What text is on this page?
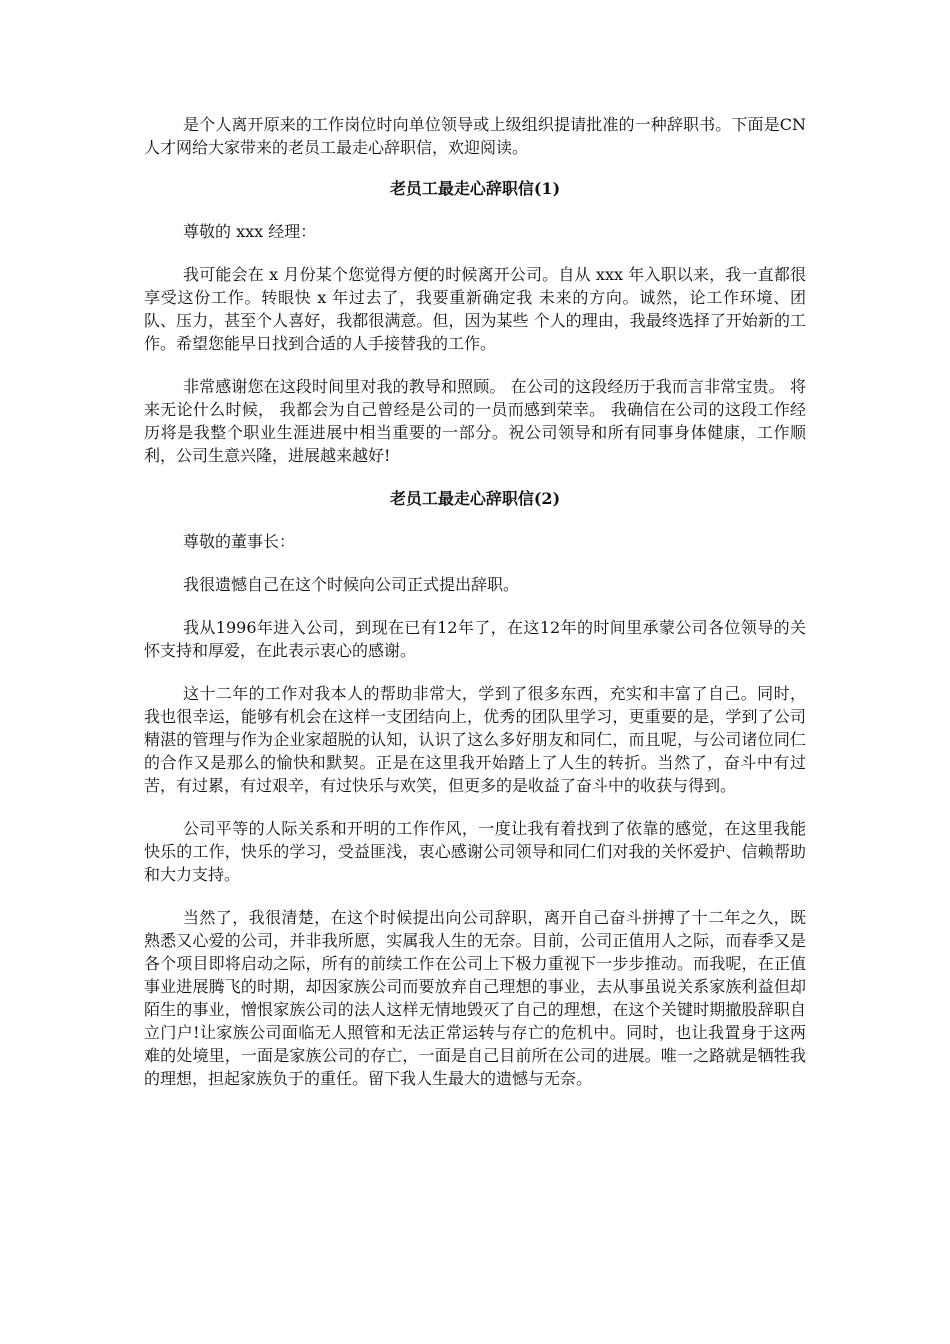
是个人离开原来的工作岗位时向单位领导或上级组织提请批准的一种辞职书。下面是CN人才网给大家带来的老员工最走心辞职信，欢迎阅读。

老员工最走心辞职信(1)

尊敬的 xxx 经理：

我可能会在 x 月份某个您觉得方便的时候离开公司。自从 xxx 年入职以来，我一直都很享受这份工作。转眼快 x 年过去了，我要重新确定我 未来的方向。诚然，论工作环境、团队、压力，甚至个人喜好，我都很满意。但，因为某些 个人的理由，我最终选择了开始新的工作。希望您能早日找到合适的人手接替我的工作。

非常感谢您在这段时间里对我的教导和照顾。 在公司的这段经历于我而言非常宝贵。 将 来无论什么时候， 我都会为自己曾经是公司的一员而感到荣幸。 我确信在公司的这段工作经 历将是我整个职业生涯进展中相当重要的一部分。祝公司领导和所有同事身体健康，工作顺利，公司生意兴隆，进展越来越好!

老员工最走心辞职信(2)

尊敬的董事长：

我很遗憾自己在这个时候向公司正式提出辞职。

我从1996年进入公司，到现在已有12年了，在这12年的时间里承蒙公司各位领导的关怀支持和厚爱，在此表示衷心的感谢。

这十二年的工作对我本人的帮助非常大，学到了很多东西，充实和丰富了自己。同时，我也很幸运，能够有机会在这样一支团结向上，优秀的团队里学习，更重要的是，学到了公司精湛的管理与作为企业家超脱的认知，认识了这么多好朋友和同仁，而且呢，与公司诸位同仁的合作又是那么的愉快和默契。正是在这里我开始踏上了人生的转折。当然了，奋斗中有过苦，有过累，有过艰辛，有过快乐与欢笑，但更多的是收益了奋斗中的收获与得到。

公司平等的人际关系和开明的工作作风，一度让我有着找到了依靠的感觉，在这里我能快乐的工作，快乐的学习，受益匪浅，衷心感谢公司领导和同仁们对我的关怀爱护、信赖帮助和大力支持。

当然了，我很清楚，在这个时候提出向公司辞职，离开自己奋斗拼搏了十二年之久，既熟悉又心爱的公司，并非我所愿，实属我人生的无奈。目前，公司正值用人之际，而春季又是各个项目即将启动之际，所有的前续工作在公司上下极力重视下一步步推动。而我呢，在正值事业进展腾飞的时期，却因家族公司而要放弃自己理想的事业，去从事虽说关系家族利益但却陌生的事业，憎恨家族公司的法人这样无情地毁灭了自己的理想，在这个关键时期撤股辞职自立门户!让家族公司面临无人照管和无法正常运转与存亡的危机中。同时，也让我置身于这两难的处境里，一面是家族公司的存亡，一面是自己目前所在公司的进展。唯一之路就是牺牲我的理想，担起家族负于的重任。留下我人生最大的遗憾与无奈。
